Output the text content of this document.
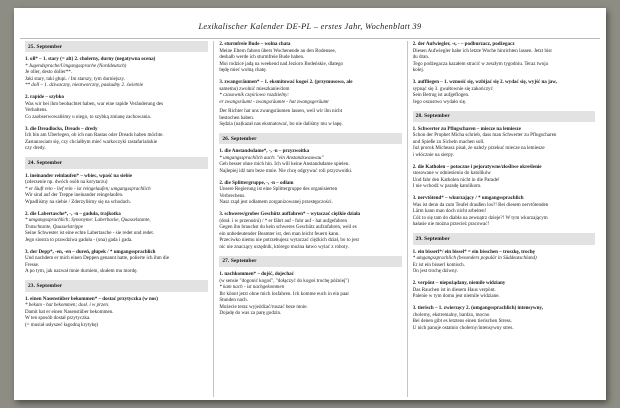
Lexikalischer Kalender DE-PL – erstes Jahr, Wochenblatt 39
25. September
1. oll* – 1. stary (= alt) 2. cholerny, durny (negatywna ocena)
* Jugendsprache/Umgangssprache (Norddeutsch)
Je oller, desto doller**.
Jaki stary, taki głupi. / Im starszy, tym durniejszy.
** doll – 1. dziwaczny, nieatworczny, paskudny 2. świetnie
2. rapide – szybko
Was wir bei ihm beobachtet haben, war eine rapide Veränderung des
Verhaltens.
Co zaobserwowaliśmy u niego, to szybką zmianę zachowania.
3. die Dreadlocks, Dreads – dredy
Ich bin am Überlegen, ob ich nun Rastas oder Dreads haben möchte.
Zastanawiam się, czy chciałbym mieć warkoczyki rastafariańskie
czy dredy.
24. September
1. ineinander reinlaufen* – wbiec, wpaść na siebie
(zderzenie np. dwóch osób na korytarzu)
* er läuft rein - lief rein - ist reingelaufen; umgangssprachlich
Wir sind auf der Treppe ineinander reingelaufen.
Wpadliśmy na siebie / Zderzyliśmy się na schodach.
2. die Labertasche*, -, -n – gaduła, trajkotka
* umgangssprachlich; Synonyme: Laberbacke, Quasselstante,
Tratschtante, Quasselstrippe
Seine Schwester ist eine echte Labertasche - sie redet und redet.
Jego siostra to prawdziwa gaduła - (ona) gada i gada.
3. der Depp*, -en, -en – dureń, głupek / * umgangssprachlich
Und nachdem er mich einen Deppen genannt hatte, polierte ich ihm die
Fresse.
A po tym, jak nazwał mnie durniem, skułem mu mordę.
23. September
1. einen Nasenstüber bekommen* – dostać przytyczka (w nos)
* bekam - hat bekommen; dosł. i w przen.
Damit hat er einen Nasenstüber bekommen.
W ten sposób dostał przytyczka.
(= musiał usłyszeć łagodną krytykę)
2. sturmfreie Bude – wolna chata
Meine Eltern fahren übers Wochenende an den Bodensee,
deshalb werde ich sturmfreie Bude haben.
Moi rodzice jadą na weekend nad Jezioro Bodeńskie, dlatego
będę mieć wolną chatę.
3. zwangsräumen* – 1. eksmitować kogoś 2. (przymusowo, ale
samemu) zwolnić mieszkanie/dom
* czasownik częściowo rozdzielny:
er zwangsräumt - zwangsräumte - hat zwangsgeräumt
Der Richter hat uns zwangsräumen lassen, weil wir ihn nicht
bestochen haben.
Sędzia (na)kazał nas eksmatować, bo nie daliśmy mu w łapę.
26. September
1. die Anstandsdame*, -, -n – przyzwoitka
* umgangssprachlich auch: "ein Anstandswauwau"
Geh besser ohne mich hin. Ich will keine Anstandsdame spielen.
Najlepiej idź tam beze mnie. Nie chcę odgrywać roli przyzwoitki.
2. die Splittergruppe, -, -n – odłam
Unsere Regierung ist eine Splittergruppe des organisierten
Verbrechens.
Nasz rząd jest odłamem zorganizowanej przestępczości.
3. schweres/grobes Geschütz auffahren* – wytaczać ciężkie działa
(dosł. i w przenośni) / * er fährt auf - fuhr auf - hat aufgefahren
Gegen ihn brauchst du kein schweres Geschütz aufzufahren, weil es
ein unbedeutender Beamter ist, den man leicht feuern kann.
Przeciwko niemu nie potrzebujesz wytaczać ciężkich dział, bo to jest
nic nie znaczący urzędnik, którego można łatwo wylać z roboty.
27. September
1. nachkommen* – dojść, dojechać
(w sensie "dogonić kogoś", "dołączyć do kogoś trochę później")
* kam nach - ist nachgekommen
Ihr könnt jetzt ohne mich losfahren. Ich komme euch in ein paar
Stunden nach.
Możecie teraz wyjeżdżać/ruszać beze mnie.
Dojadę do was za parę godzin.
2. der Aufwiegler, -s, - – podburzacz, podżegacz
Diesen Aufwiegler habe ich letzte Woche hinrichten lassen. Jetzt bist
du dran.
Tego podżegacza kazałem stracić w zeszłym tygodniu. Teraz twoja
kolej.
3. auffliegen – 1. wznosić się, wzbijać się 2. wydać się, wyjść na jaw,
sypnąć się 3. gwałtownie się zakończyć
Sein Betrug ist aufgeflogen.
Jego oszustwo wydało się.
28. September
1. Schwerter zu Pflugscharen – miecze na lemiesze
Schon der Prophet Micha schrieb, dass man Schwerter zu Pflugscharen
und Spieße zu Sicheln machen soll.
Już prorok Micheasz pisał, że należy przekuć miecze na lemiesze
i włócznie na sierpy.
2. die Katholen – potoczne i pejoratywne/złośliwe określenie
stosowane w odniesieniu do katolików
Und fahr den Katholen nicht in die Parade!
I nie wchodź w paradę katolikom.
3. nervtötend* – wkurzający / * umgangssprachlich
Was ist denn da zum Teufel draußen los?! Bei diesem nervtötenden
Lärm kann man doch nicht arbeiten!
Cóż to się tam do diabła na zewnątrz dzieje?! W tym wkurzającym
hałasie nie można przecież pracować!
29. September
1. ein bisserl*/ ein bissel* = ein bisschen – troszkę, trochę
* umgangssprachlich (besonders populär in Süddeutschland)
Er ist ein bisserl komisch.
On jest trochę dziwny.
2. verpönt – niepożądany, niemile widziany
Das Rauchen ist in diesem Haus verpönt.
Palenie w tym domu jest niemile widziane.
3. tierisch – 1. zwierzęcy 2. (umgangssprachlich) intensywny,
cholerny, ekstremalny, bardzo, mocno
Bei denen gibt es letztens einen tierischen Stress.
U nich panuje ostatnio cholerny/intensywny stres.
